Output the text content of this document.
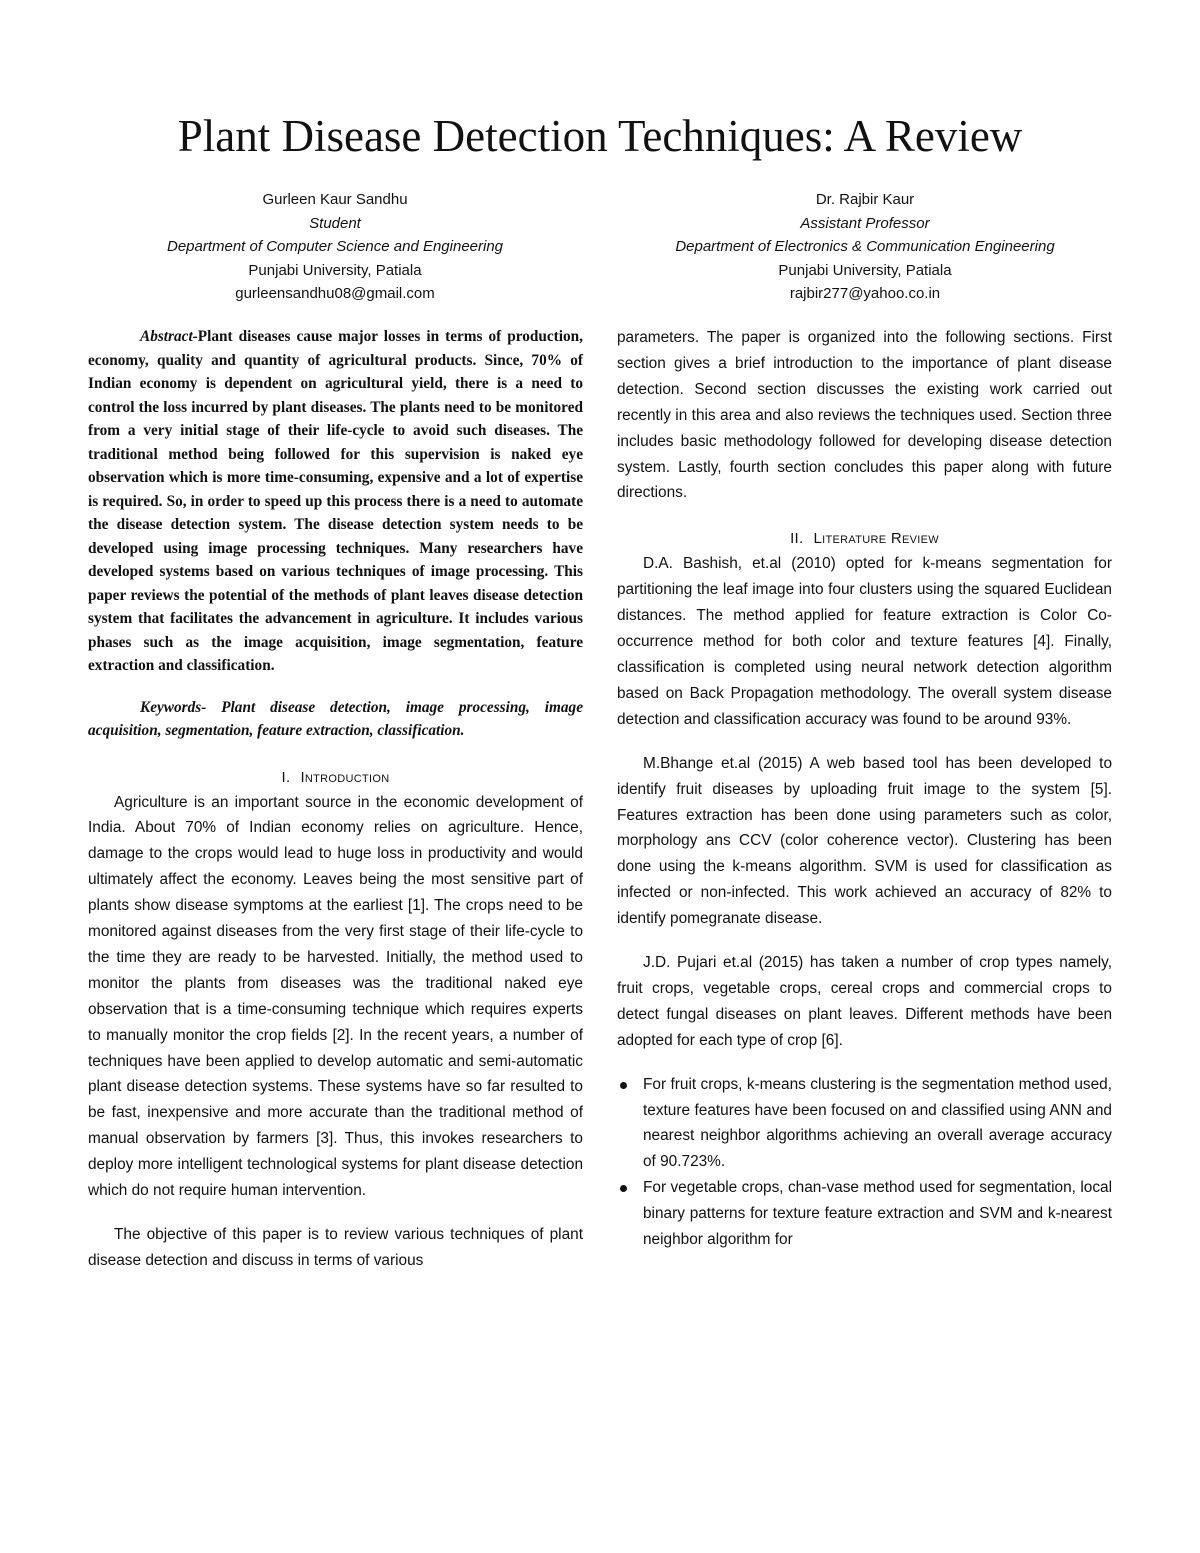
Plant Disease Detection Techniques: A Review
Gurleen Kaur Sandhu
Student
Department of Computer Science and Engineering
Punjabi University, Patiala
gurleensandhu08@gmail.com
Dr. Rajbir Kaur
Assistant Professor
Department of Electronics & Communication Engineering
Punjabi University, Patiala
rajbir277@yahoo.co.in

Abstract-Plant diseases cause major losses in terms of production, economy, quality and quantity of agricultural products. Since, 70% of Indian economy is dependent on agricultural yield, there is a need to control the loss incurred by plant diseases. The plants need to be monitored from a very initial stage of their life-cycle to avoid such diseases. The traditional method being followed for this supervision is naked eye observation which is more time-consuming, expensive and a lot of expertise is required. So, in order to speed up this process there is a need to automate the disease detection system. The disease detection system needs to be developed using image processing techniques. Many researchers have developed systems based on various techniques of image processing. This paper reviews the potential of the methods of plant leaves disease detection system that facilitates the advancement in agriculture. It includes various phases such as the image acquisition, image segmentation, feature extraction and classification.

Keywords- Plant disease detection, image processing, image acquisition, segmentation, feature extraction, classification.

I. Introduction

Agriculture is an important source in the economic development of India. About 70% of Indian economy relies on agriculture. Hence, damage to the crops would lead to huge loss in productivity and would ultimately affect the economy. Leaves being the most sensitive part of plants show disease symptoms at the earliest [1]. The crops need to be monitored against diseases from the very first stage of their life-cycle to the time they are ready to be harvested. Initially, the method used to monitor the plants from diseases was the traditional naked eye observation that is a time-consuming technique which requires experts to manually monitor the crop fields [2]. In the recent years, a number of techniques have been applied to develop automatic and semi-automatic plant disease detection systems. These systems have so far resulted to be fast, inexpensive and more accurate than the traditional method of manual observation by farmers [3]. Thus, this invokes researchers to deploy more intelligent technological systems for plant disease detection which do not require human intervention.

The objective of this paper is to review various techniques of plant disease detection and discuss in terms of various

parameters. The paper is organized into the following sections. First section gives a brief introduction to the importance of plant disease detection. Second section discusses the existing work carried out recently in this area and also reviews the techniques used. Section three includes basic methodology followed for developing disease detection system. Lastly, fourth section concludes this paper along with future directions.

II. Literature Review

D.A. Bashish, et.al (2010) opted for k-means segmentation for partitioning the leaf image into four clusters using the squared Euclidean distances. The method applied for feature extraction is Color Co-occurrence method for both color and texture features [4]. Finally, classification is completed using neural network detection algorithm based on Back Propagation methodology. The overall system disease detection and classification accuracy was found to be around 93%.

M.Bhange et.al (2015) A web based tool has been developed to identify fruit diseases by uploading fruit image to the system [5]. Features extraction has been done using parameters such as color, morphology ans CCV (color coherence vector). Clustering has been done using the k-means algorithm. SVM is used for classification as infected or non-infected. This work achieved an accuracy of 82% to identify pomegranate disease.

J.D. Pujari et.al (2015) has taken a number of crop types namely, fruit crops, vegetable crops, cereal crops and commercial crops to detect fungal diseases on plant leaves. Different methods have been adopted for each type of crop [6].

For fruit crops, k-means clustering is the segmentation method used, texture features have been focused on and classified using ANN and nearest neighbor algorithms achieving an overall average accuracy of 90.723%.
For vegetable crops, chan-vase method used for segmentation, local binary patterns for texture feature extraction and SVM and k-nearest neighbor algorithm for
